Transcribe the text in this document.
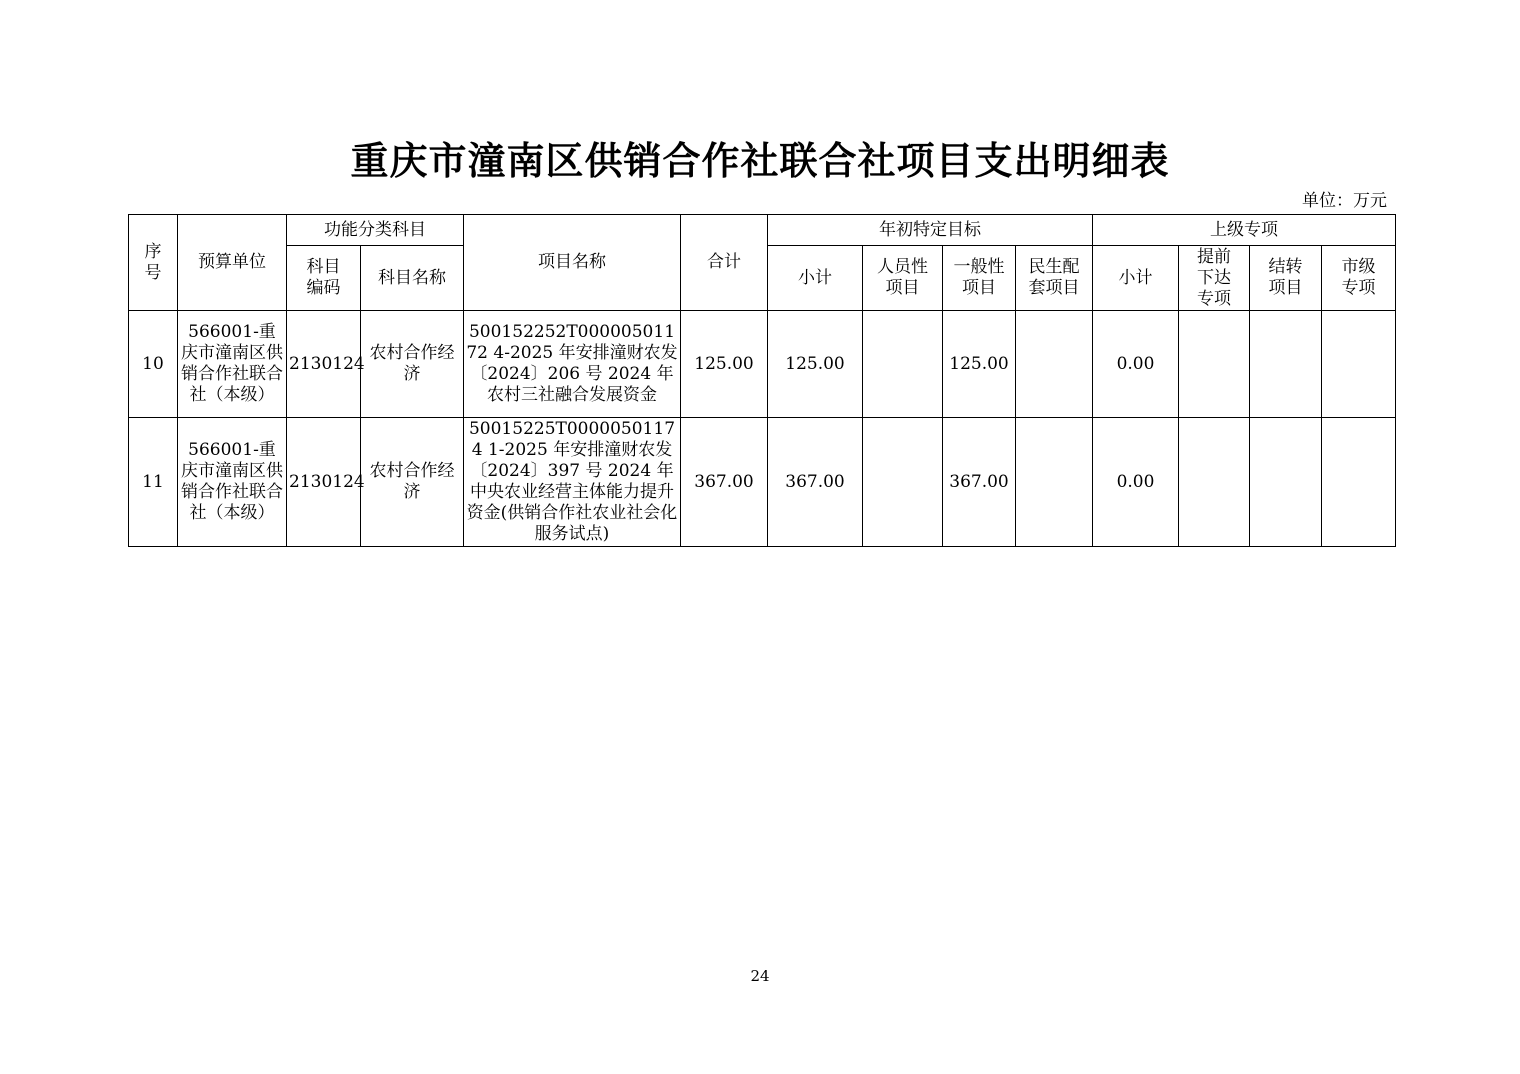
重庆市潼南区供销合作社联合社项目支出明细表
单位：万元
序号	预算单位	功能分类科目		项目名称	合计	年初特定目标				上级专项			
		科目编码	科目名称			小计	人员性项目	一般性项目	民生配套项目	小计	提前下达专项	结转项目	市级专项
10	566001-重庆市潼南区供销合作社联合社（本级）	2130124	农村合作经济	500152252T00000501172 4-2025 年安排潼财农发〔2024〕206 号 2024 年农村三社融合发展资金	125.00	125.00		125.00		0.00			
11	566001-重庆市潼南区供销合作社联合社（本级）	2130124	农村合作经济	50015225T00000501174 1-2025 年安排潼财农发〔2024〕397 号 2024 年中央农业经营主体能力提升资金(供销合作社农业社会化服务试点)	367.00	367.00		367.00		0.00			
24
